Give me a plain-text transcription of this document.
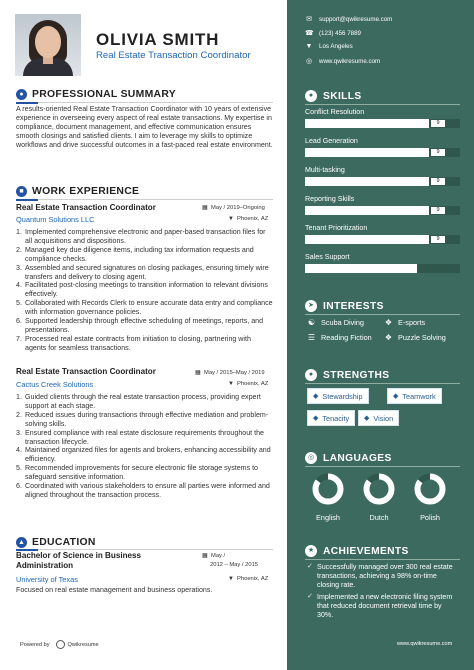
OLIVIA SMITH
Real Estate Transaction Coordinator
● PROFESSIONAL SUMMARY
A results-oriented Real Estate Transaction Coordinator with 10 years of extensive experience in overseeing every aspect of real estate transactions. My expertise in compliance, document management, and effective communication ensures smooth closings and satisfied clients. I aim to leverage my skills to optimize workflows and drive successful outcomes in a fast-paced real estate environment.
■ WORK EXPERIENCE
Real Estate Transaction Coordinator	▦ May / 2019–Ongoing
Quantum Solutions LLC	▼ Phoenix, AZ
1. Implemented comprehensive electronic and paper-based transaction files for all acquisitions and dispositions.
2. Managed key due diligence items, including tax information requests and compliance checks.
3. Assembled and secured signatures on closing packages, ensuring timely wire transfers and delivery to closing agent.
4. Facilitated post-closing meetings to transition information to relevant divisions effectively.
5. Collaborated with Records Clerk to ensure accurate data entry and compliance with information governance policies.
6. Supported leadership through effective scheduling of meetings, reports, and presentations.
7. Processed real estate contracts from initiation to closing, partnering with agents for seamless transactions.
Real Estate Transaction Coordinator	▦ May / 2015–May / 2019
Cactus Creek Solutions	▼ Phoenix, AZ
1. Guided clients through the real estate transaction process, providing expert support at each stage.
2. Reduced issues during transactions through effective mediation and problem-solving skills.
3. Ensured compliance with real estate disclosure requirements throughout the transaction lifecycle.
4. Maintained organized files for agents and brokers, enhancing accessibility and efficiency.
5. Recommended improvements for secure electronic file storage systems to safeguard sensitive information.
6. Coordinated with various stakeholders to ensure all parties were informed and aligned throughout the transaction process.
▲ EDUCATION
Bachelor of Science in Business Administration
▦ May /
2012 – May / 2015
University of Texas	▼ Phoenix, AZ
Focused on real estate management and business operations.
Powered by	Qwikresume
✉ support@qwikresume.com
☎ (123) 456 7889
▼ Los Angeles
◎ www.qwikresume.com
● SKILLS
Conflict Resolution
9
Lead Generation
9
Multi-tasking
9
Reporting Skills
9
Tenant Prioritization
9
Sales Support
➤ INTERESTS
☯ Scuba Diving	❖ E-sports
☰ Reading Fiction ❖ Puzzle Solving
● STRENGTHS
◆ Stewardship	◆ Teamwork
◆ Tenacity ◆ Vision
◎ LANGUAGES
English	Dutch	Polish
★ ACHIEVEMENTS
✓ Successfully managed over 300 real estate transactions, achieving a 98% on-time closing rate.
✓ Implemented a new electronic filing system that reduced document retrieval time by 30%.
www.qwikresume.com
